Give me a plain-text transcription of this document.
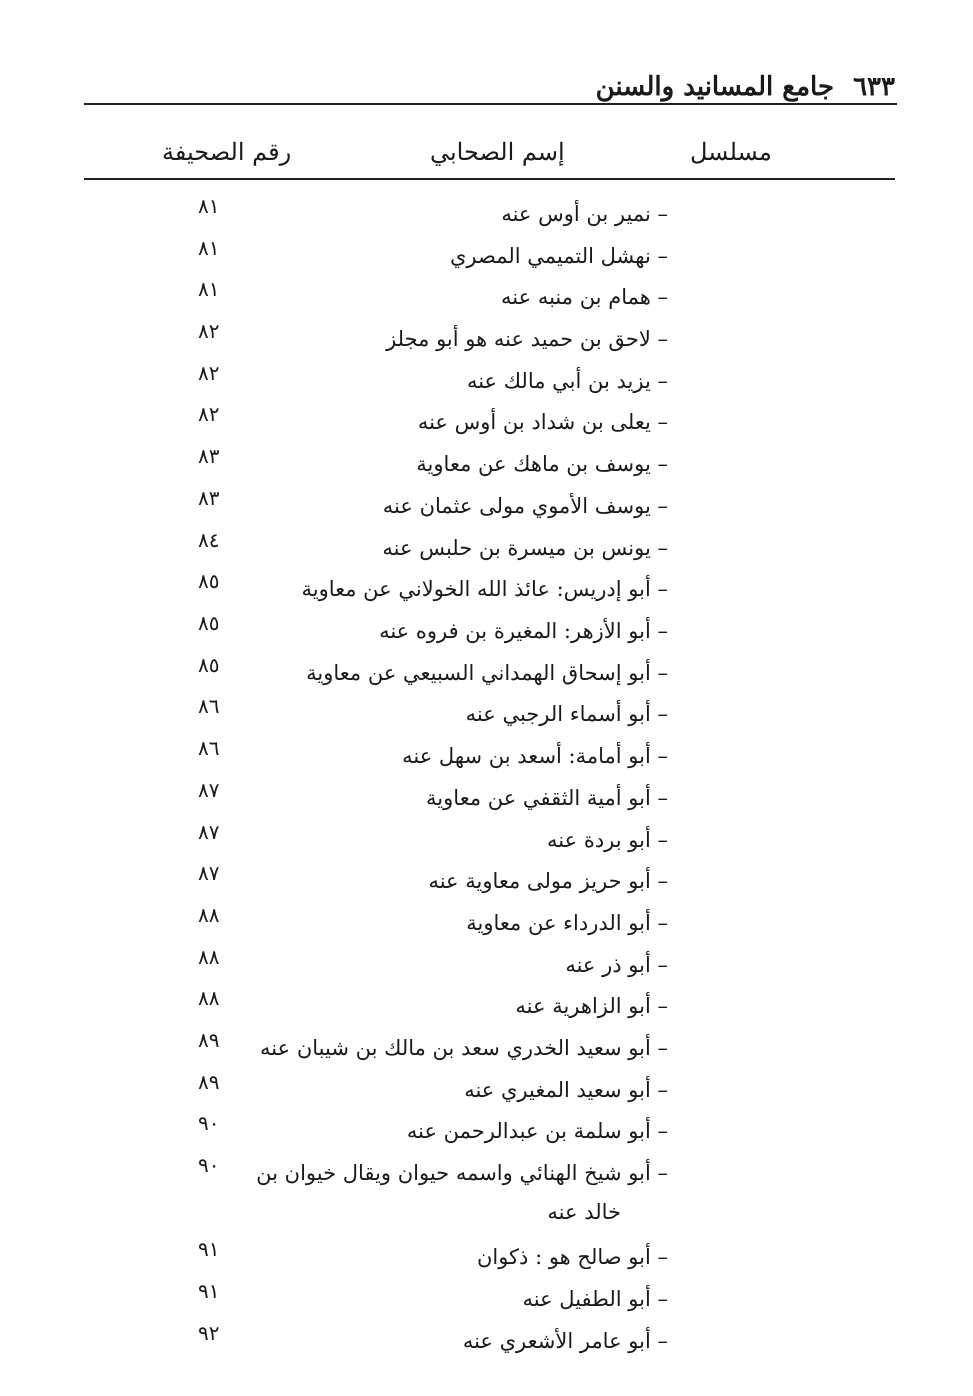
٦٣٣ جامع المسانيد والسنن
مسلسل
إسم الصحابي
رقم الصحيفة
– نمير بن أوس عنه
٨١
– نهشل التميمي المصري
٨١
– همام بن منبه عنه
٨١
– لاحق بن حميد عنه هو أبو مجلز
٨٢
– يزيد بن أبي مالك عنه
٨٢
– يعلى بن شداد بن أوس عنه
٨٢
– يوسف بن ماهك عن معاوية
٨٣
– يوسف الأموي مولى عثمان عنه
٨٣
– يونس بن ميسرة بن حلبس عنه
٨٤
– أبو إدريس: عائذ الله الخولاني عن معاوية
٨٥
– أبو الأزهر: المغيرة بن فروه عنه
٨٥
– أبو إسحاق الهمداني السبيعي عن معاوية
٨٥
– أبو أسماء الرجبي عنه
٨٦
– أبو أمامة: أسعد بن سهل عنه
٨٦
– أبو أمية الثقفي عن معاوية
٨٧
– أبو بردة عنه
٨٧
– أبو حريز مولى معاوية عنه
٨٧
– أبو الدرداء عن معاوية
٨٨
– أبو ذر عنه
٨٨
– أبو الزاهرية عنه
٨٨
– أبو سعيد الخدري سعد بن مالك بن شيبان عنه
٨٩
– أبو سعيد المغيري عنه
٨٩
– أبو سلمة بن عبدالرحمن عنه
٩٠
– أبو شيخ الهنائي واسمه حيوان ويقال خيوان بن
٩٠
– أبو صالح هو : ذكوان
٩١
– أبو الطفيل عنه
٩١
– أبو عامر الأشعري عنه
٩٢
خالد عنه
